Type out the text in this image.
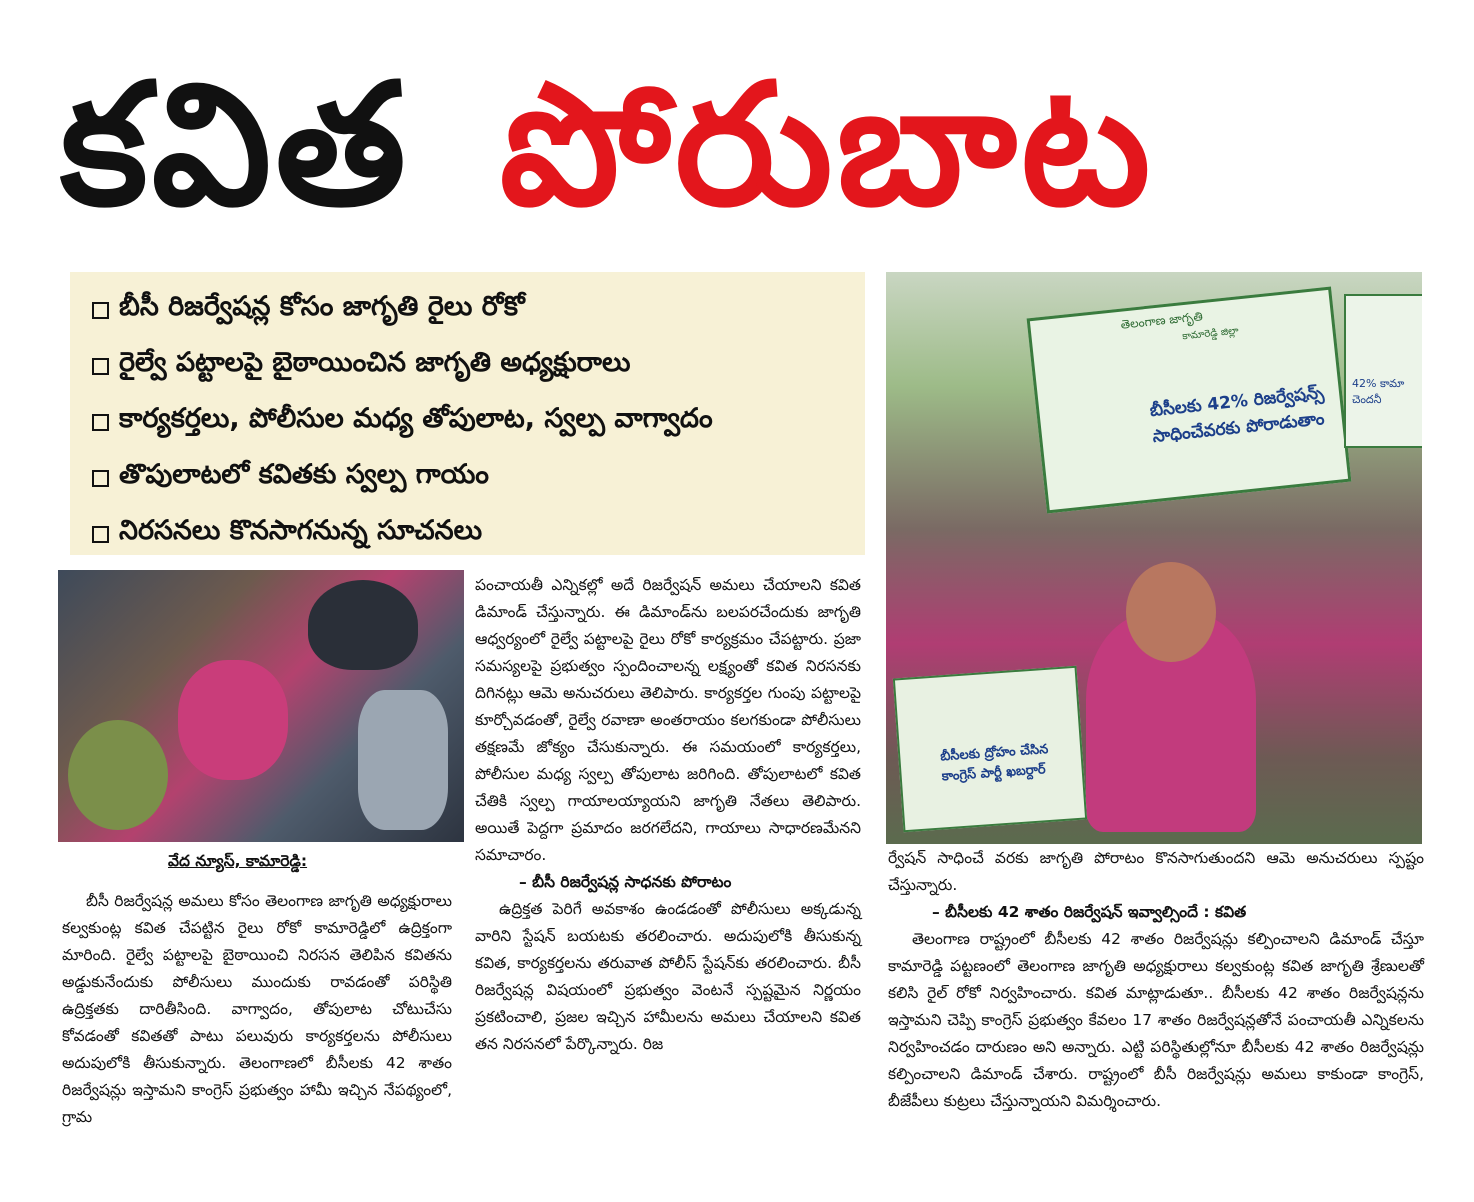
కవిత పోరుబాట
బీసీ రిజర్వేషన్ల కోసం జాగృతి రైలు రోకో
రైల్వే పట్టాలపై బైఠాయించిన జాగృతి అధ్యక్షురాలు
కార్యకర్తలు, పోలీసుల మధ్య తోపులాట, స్వల్ప వాగ్వాదం
తొపులాటలో కవితకు స్వల్ప గాయం
నిరసనలు కొనసాగనున్న సూచనలు
వేద న్యూస్, కామారెడ్డి:

బీసీ రిజర్వేషన్ల అమలు కోసం తెలంగాణ జాగృతి అధ్యక్షురాలు కల్వకుంట్ల కవిత చేపట్టిన రైలు రోకో కామారెడ్డిలో ఉద్రిక్తంగా మారింది. రైల్వే పట్టాలపై బైఠాయించి నిరసన తెలిపిన కవితను అడ్డుకునేందుకు పోలీసులు ముందుకు రావడంతో పరిస్థితి ఉద్రిక్తతకు దారితీసింది. వాగ్వాదం, తోపులాట చోటుచేసు కోవడంతో కవితతో పాటు పలువురు కార్యకర్తలను పోలీసులు అదుపులోకి తీసుకున్నారు. తెలంగాణలో బీసీలకు 42 శాతం రిజర్వేషన్లు ఇస్తామని కాంగ్రెస్ ప్రభుత్వం హామీ ఇచ్చిన నేపథ్యంలో, గ్రామ

పంచాయతీ ఎన్నికల్లో అదే రిజర్వేషన్ అమలు చేయాలని కవిత డిమాండ్ చేస్తున్నారు. ఈ డిమాండ్‌ను బలపరచేందుకు జాగృతి ఆధ్వర్యంలో రైల్వే పట్టాలపై రైలు రోకో కార్యక్రమం చేపట్టారు. ప్రజా సమస్యలపై ప్రభుత్వం స్పందించాలన్న లక్ష్యంతో కవిత నిరసనకు దిగినట్లు ఆమె అనుచరులు తెలిపారు. కార్యకర్తల గుంపు పట్టాలపై కూర్చోవడంతో, రైల్వే రవాణా అంతరాయం కలగకుండా పోలీసులు తక్షణమే జోక్యం చేసుకున్నారు. ఈ సమయంలో కార్యకర్తలు, పోలీసుల మధ్య స్వల్ప తోపులాట జరిగింది. తోపులాటలో కవిత చేతికి స్వల్ప గాయాలయ్యాయని జాగృతి నేతలు తెలిపారు. అయితే పెద్దగా ప్రమాదం జరగలేదని, గాయాలు సాధారణమేనని సమాచారం.

– బీసీ రిజర్వేషన్ల సాధనకు పోరాటం

ఉద్రిక్తత పెరిగే అవకాశం ఉండడంతో పోలీసులు అక్కడున్న వారిని స్టేషన్ బయటకు తరలించారు. అదుపులోకి తీసుకున్న కవిత, కార్యకర్తలను తరువాత పోలీస్ స్టేషన్‌కు తరలించారు. బీసీ రిజర్వేషన్ల విషయంలో ప్రభుత్వం వెంటనే స్పష్టమైన నిర్ణయం ప్రకటించాలి, ప్రజల ఇచ్చిన హామీలను అమలు చేయాలని కవిత తన నిరసనలో పేర్కొన్నారు. రిజ

తెలంగాణ జాగృతి
కామారెడ్డి జిల్లా
బీసీలకు 42% రిజర్వేషన్స్ సాధించేవరకు పోరాడుతాం
42% కామా చెందనీ
బీసీలకు ద్రోహం చేసిన కాంగ్రెస్ పార్టీ ఖబర్దార్

ర్వేషన్ సాధించే వరకు జాగృతి పోరాటం కొనసాగుతుందని ఆమె అనుచరులు స్పష్టం చేస్తున్నారు.

– బీసీలకు 42 శాతం రిజర్వేషన్ ఇవ్వాల్సిందే : కవిత

తెలంగాణ రాష్ట్రంలో బీసీలకు 42 శాతం రిజర్వేషన్లు కల్పించాలని డిమాండ్ చేస్తూ కామారెడ్డి పట్టణంలో తెలంగాణ జాగృతి అధ్యక్షురాలు కల్వకుంట్ల కవిత జాగృతి శ్రేణులతో కలిసి రైల్ రోకో నిర్వహించారు. కవిత మాట్లాడుతూ.. బీసీలకు 42 శాతం రిజర్వేషన్లను ఇస్తామని చెప్పి కాంగ్రెస్ ప్రభుత్వం కేవలం 17 శాతం రిజర్వేషన్లతోనే పంచాయతీ ఎన్నికలను నిర్వహించడం దారుణం అని అన్నారు. ఎట్టి పరిస్థితుల్లోనూ బీసీలకు 42 శాతం రిజర్వేషన్లు కల్పించాలని డిమాండ్ చేశారు. రాష్ట్రంలో బీసీ రిజర్వేషన్లు అమలు కాకుండా కాంగ్రెస్, బీజేపీలు కుట్రలు చేస్తున్నాయని విమర్శించారు.
